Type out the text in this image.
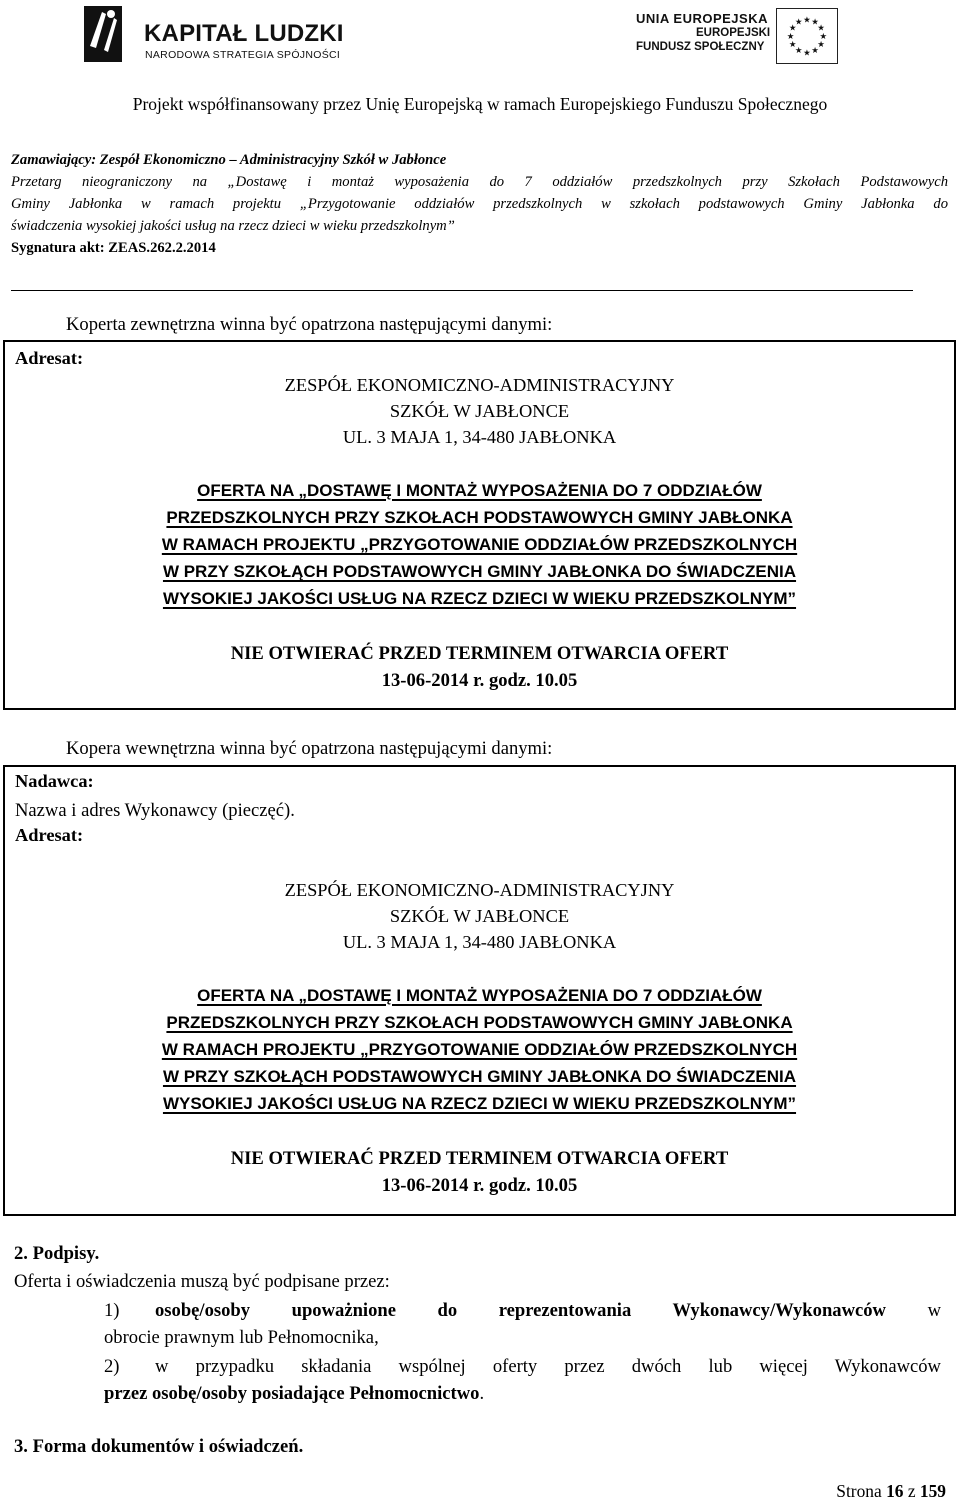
KAPITAŁ LUDZKI
NARODOWA STRATEGIA SPÓJNOŚCI
UNIA EUROPEJSKA
EUROPEJSKI
FUNDUSZ SPOŁECZNY
★
★
★
★
★
★
★
★
★ ★ ★
★
Projekt współfinansowany przez Unię Europejską w ramach Europejskiego Funduszu Społecznego
Zamawiający: Zespół Ekonomiczno – Administracyjny Szkół w Jabłonce
Przetarg nieograniczony na „Dostawę i montaż wyposażenia do 7 oddziałów przedszkolnych przy Szkołach Podstawowych
Gminy Jabłonka w ramach projektu „Przygotowanie oddziałów przedszkolnych w szkołach podstawowych Gminy Jabłonka do
świadczenia wysokiej jakości usług na rzecz dzieci w wieku przedszkolnym”
Sygnatura akt: ZEAS.262.2.2014
Koperta zewnętrzna winna być opatrzona następującymi danymi:
Adresat:
ZESPÓŁ EKONOMICZNO-ADMINISTRACYJNY
SZKÓŁ W JABŁONCE
UL. 3 MAJA 1, 34-480 JABŁONKA
OFERTA NA „DOSTAWĘ I MONTAŻ WYPOSAŻENIA DO 7 ODDZIAŁÓW
PRZEDSZKOLNYCH PRZY SZKOŁACH PODSTAWOWYCH GMINY JABŁONKA
W RAMACH PROJEKTU „PRZYGOTOWANIE ODDZIAŁÓW PRZEDSZKOLNYCH
W PRZY SZKOŁĄCH PODSTAWOWYCH GMINY JABŁONKA DO ŚWIADCZENIA
WYSOKIEJ JAKOŚCI USŁUG NA RZECZ DZIECI W WIEKU PRZEDSZKOLNYM”
NIE OTWIERAĆ PRZED TERMINEM OTWARCIA OFERT
13-06-2014 r. godz. 10.05
Kopera wewnętrzna winna być opatrzona następującymi danymi:
Nadawca:
Nazwa i adres Wykonawcy (pieczęć).
Adresat:
ZESPÓŁ EKONOMICZNO-ADMINISTRACYJNY
SZKÓŁ W JABŁONCE
UL. 3 MAJA 1, 34-480 JABŁONKA
OFERTA NA „DOSTAWĘ I MONTAŻ WYPOSAŻENIA DO 7 ODDZIAŁÓW
PRZEDSZKOLNYCH PRZY SZKOŁACH PODSTAWOWYCH GMINY JABŁONKA
W RAMACH PROJEKTU „PRZYGOTOWANIE ODDZIAŁÓW PRZEDSZKOLNYCH
W PRZY SZKOŁĄCH PODSTAWOWYCH GMINY JABŁONKA DO ŚWIADCZENIA
WYSOKIEJ JAKOŚCI USŁUG NA RZECZ DZIECI W WIEKU PRZEDSZKOLNYM”
NIE OTWIERAĆ PRZED TERMINEM OTWARCIA OFERT
13-06-2014 r. godz. 10.05
2. Podpisy.
Oferta i oświadczenia muszą być podpisane przez:
1) osobę/osoby upoważnione do reprezentowania Wykonawcy/Wykonawców w
obrocie prawnym lub Pełnomocnika,
2) w przypadku składania wspólnej oferty przez dwóch lub więcej Wykonawców
przez osobę/osoby posiadające Pełnomocnictwo.
3. Forma dokumentów i oświadczeń.
Strona 16 z 159
